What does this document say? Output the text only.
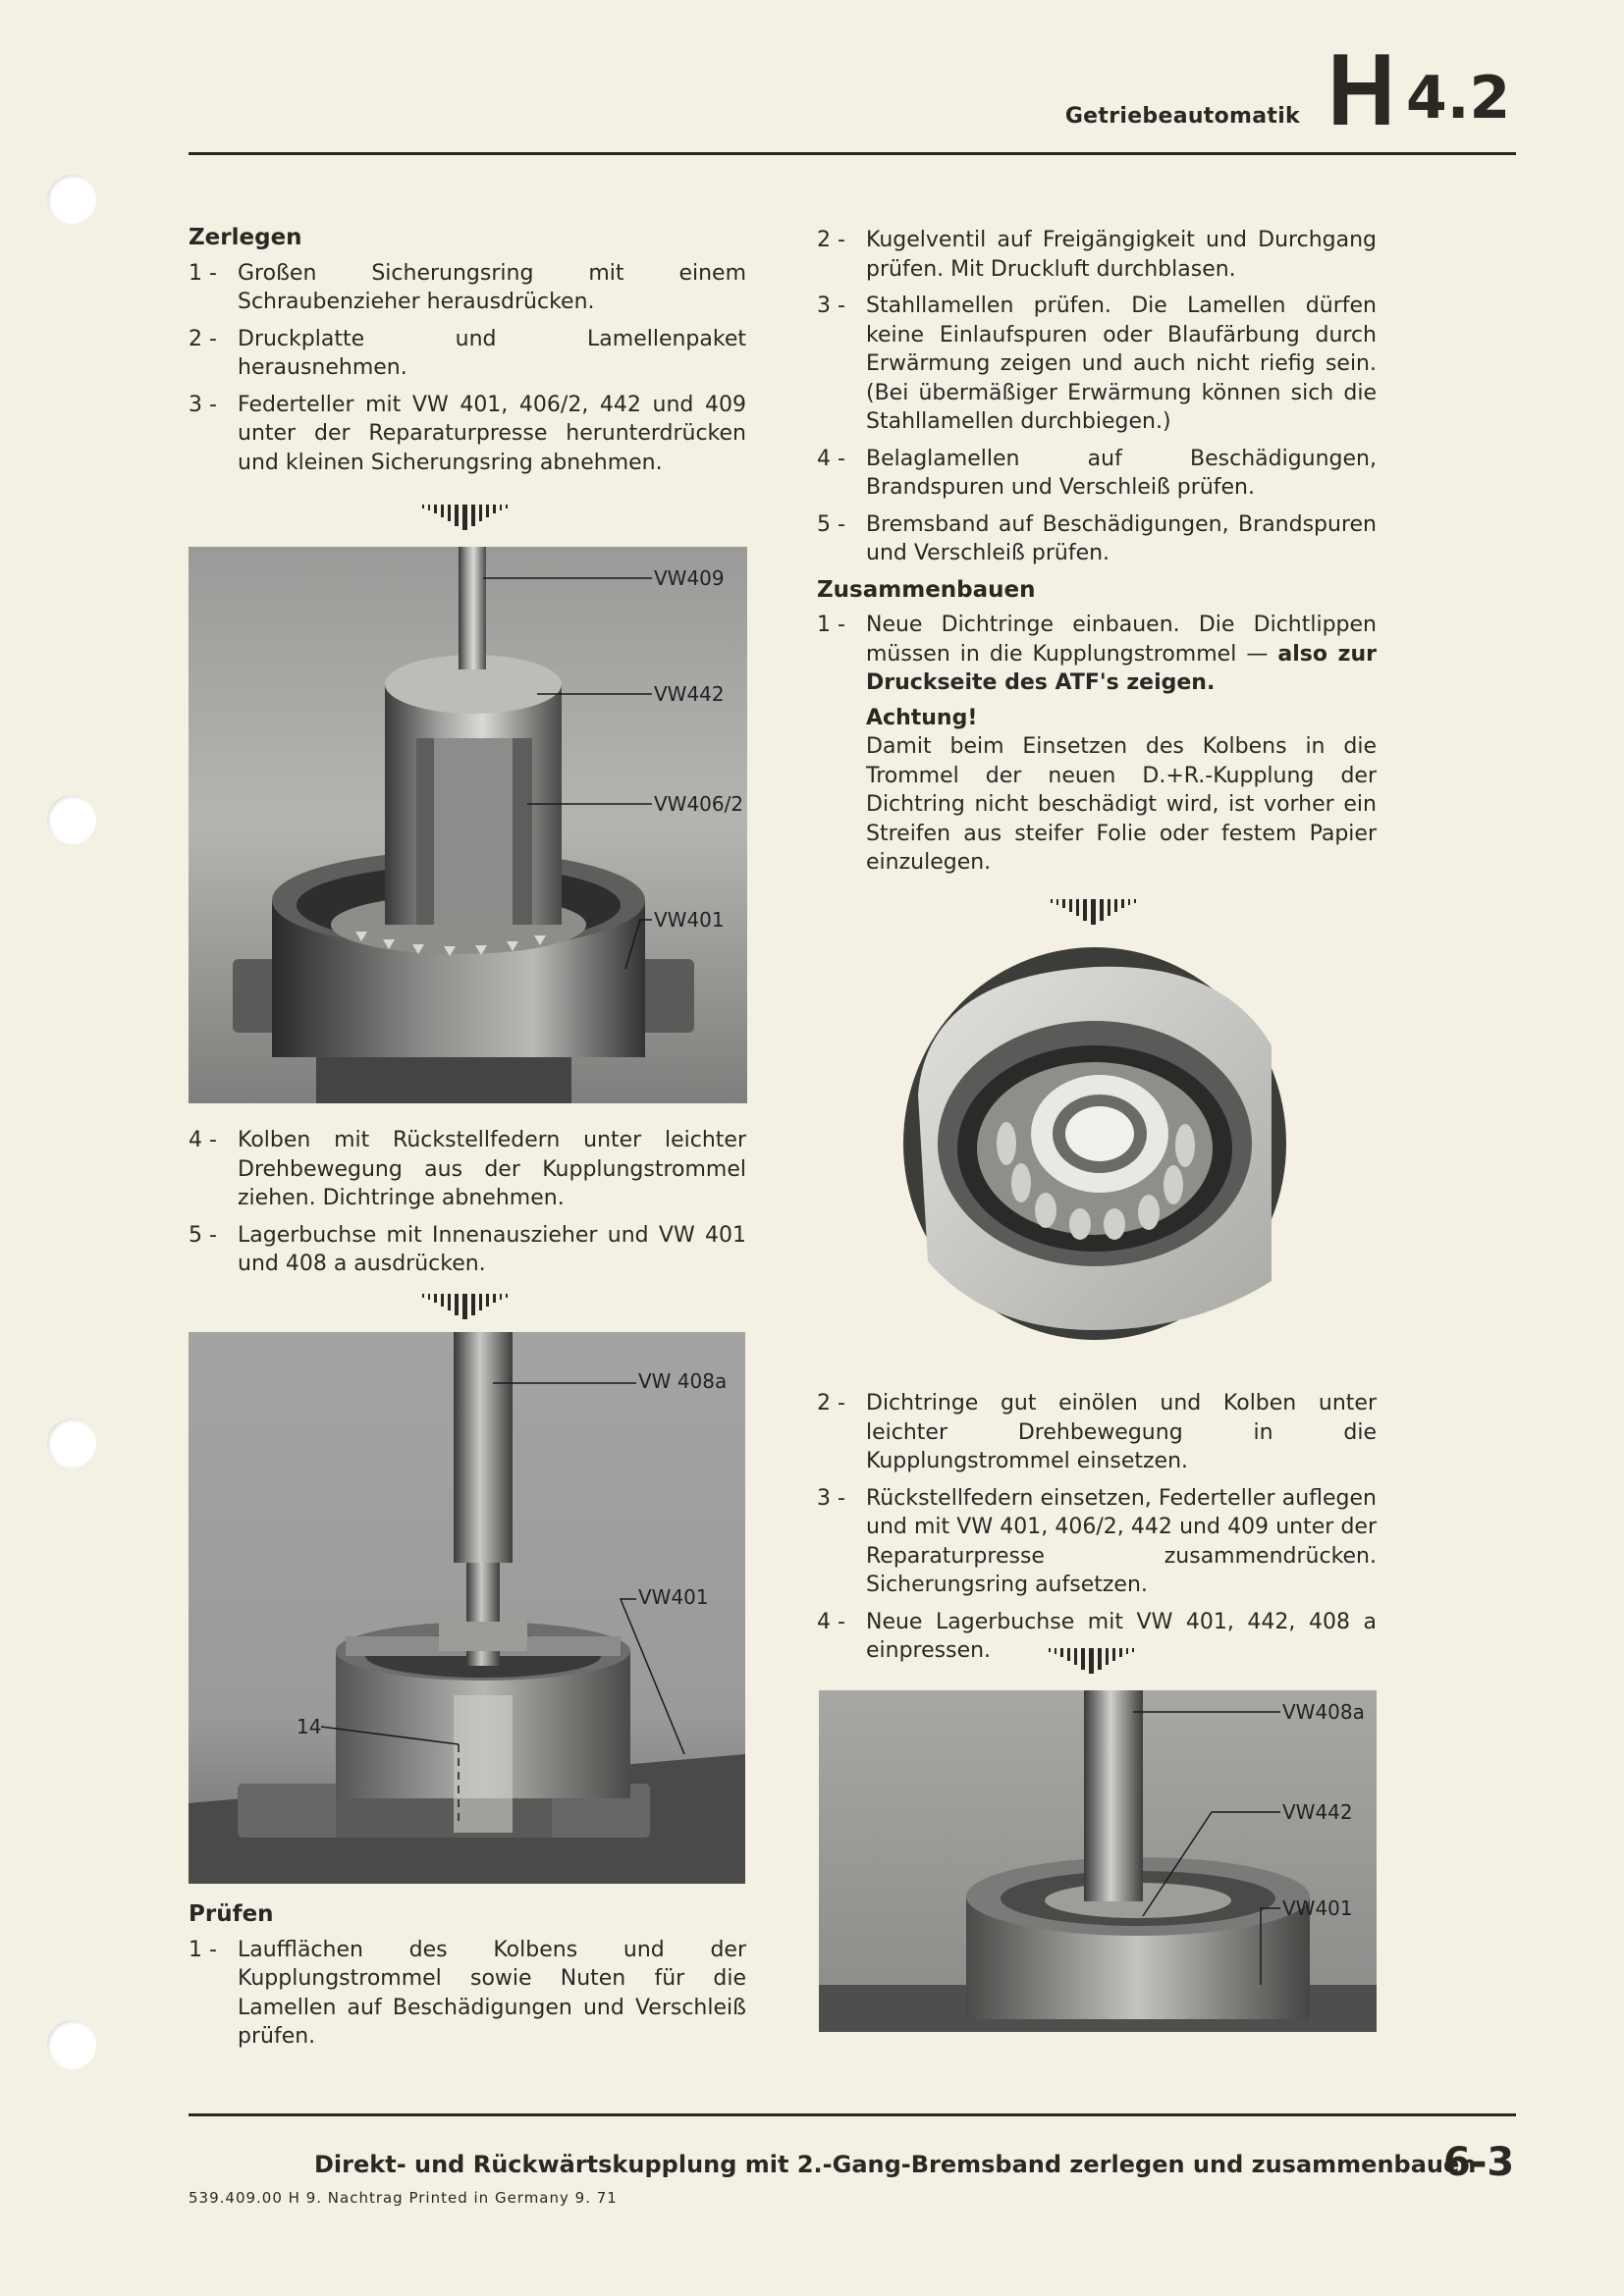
Getriebeautomatik H 4.2
Zerlegen
1 - Großen Sicherungsring mit einem Schraubenzieher herausdrücken.
2 - Druckplatte und Lamellenpaket herausnehmen.
3 - Federteller mit VW 401, 406/2, 442 und 409 unter der Reparaturpresse herunterdrücken und kleinen Sicherungsring abnehmen.
VW409
VW442
VW406/2
VW401
4 - Kolben mit Rückstellfedern unter leichter Drehbewegung aus der Kupplungstrommel ziehen. Dichtringe abnehmen.
5 - Lagerbuchse mit Innenauszieher und VW 401 und 408 a ausdrücken.
VW 408a
VW401
14
Prüfen
1 - Laufflächen des Kolbens und der Kupplungstrommel sowie Nuten für die Lamellen auf Beschädigungen und Verschleiß prüfen.
2 - Kugelventil auf Freigängigkeit und Durchgang prüfen. Mit Druckluft durchblasen.
3 - Stahllamellen prüfen. Die Lamellen dürfen keine Einlaufspuren oder Blaufärbung durch Erwärmung zeigen und auch nicht riefig sein. (Bei übermäßiger Erwärmung können sich die Stahllamellen durchbiegen.)
4 - Belaglamellen auf Beschädigungen, Brandspuren und Verschleiß prüfen.
5 - Bremsband auf Beschädigungen, Brandspuren und Verschleiß prüfen.
Zusammenbauen
1 - Neue Dichtringe einbauen. Die Dichtlippen müssen in die Kupplungstrommel — also zur Druckseite des ATF's zeigen.
Achtung!
Damit beim Einsetzen des Kolbens in die Trommel der neuen D.+R.-Kupplung der Dichtring nicht beschädigt wird, ist vorher ein Streifen aus steifer Folie oder festem Papier einzulegen.
2 - Dichtringe gut einölen und Kolben unter leichter Drehbewegung in die Kupplungstrommel einsetzen.
3 - Rückstellfedern einsetzen, Federteller auflegen und mit VW 401, 406/2, 442 und 409 unter der Reparaturpresse zusammendrücken. Sicherungsring aufsetzen.
4 - Neue Lagerbuchse mit VW 401, 442, 408 a einpressen.
VW408a
VW442
VW401
Direkt- und Rückwärtskupplung mit 2.-Gang-Bremsband zerlegen und zusammenbauen
6-3
539.409.00 H 9. Nachtrag Printed in Germany 9. 71
